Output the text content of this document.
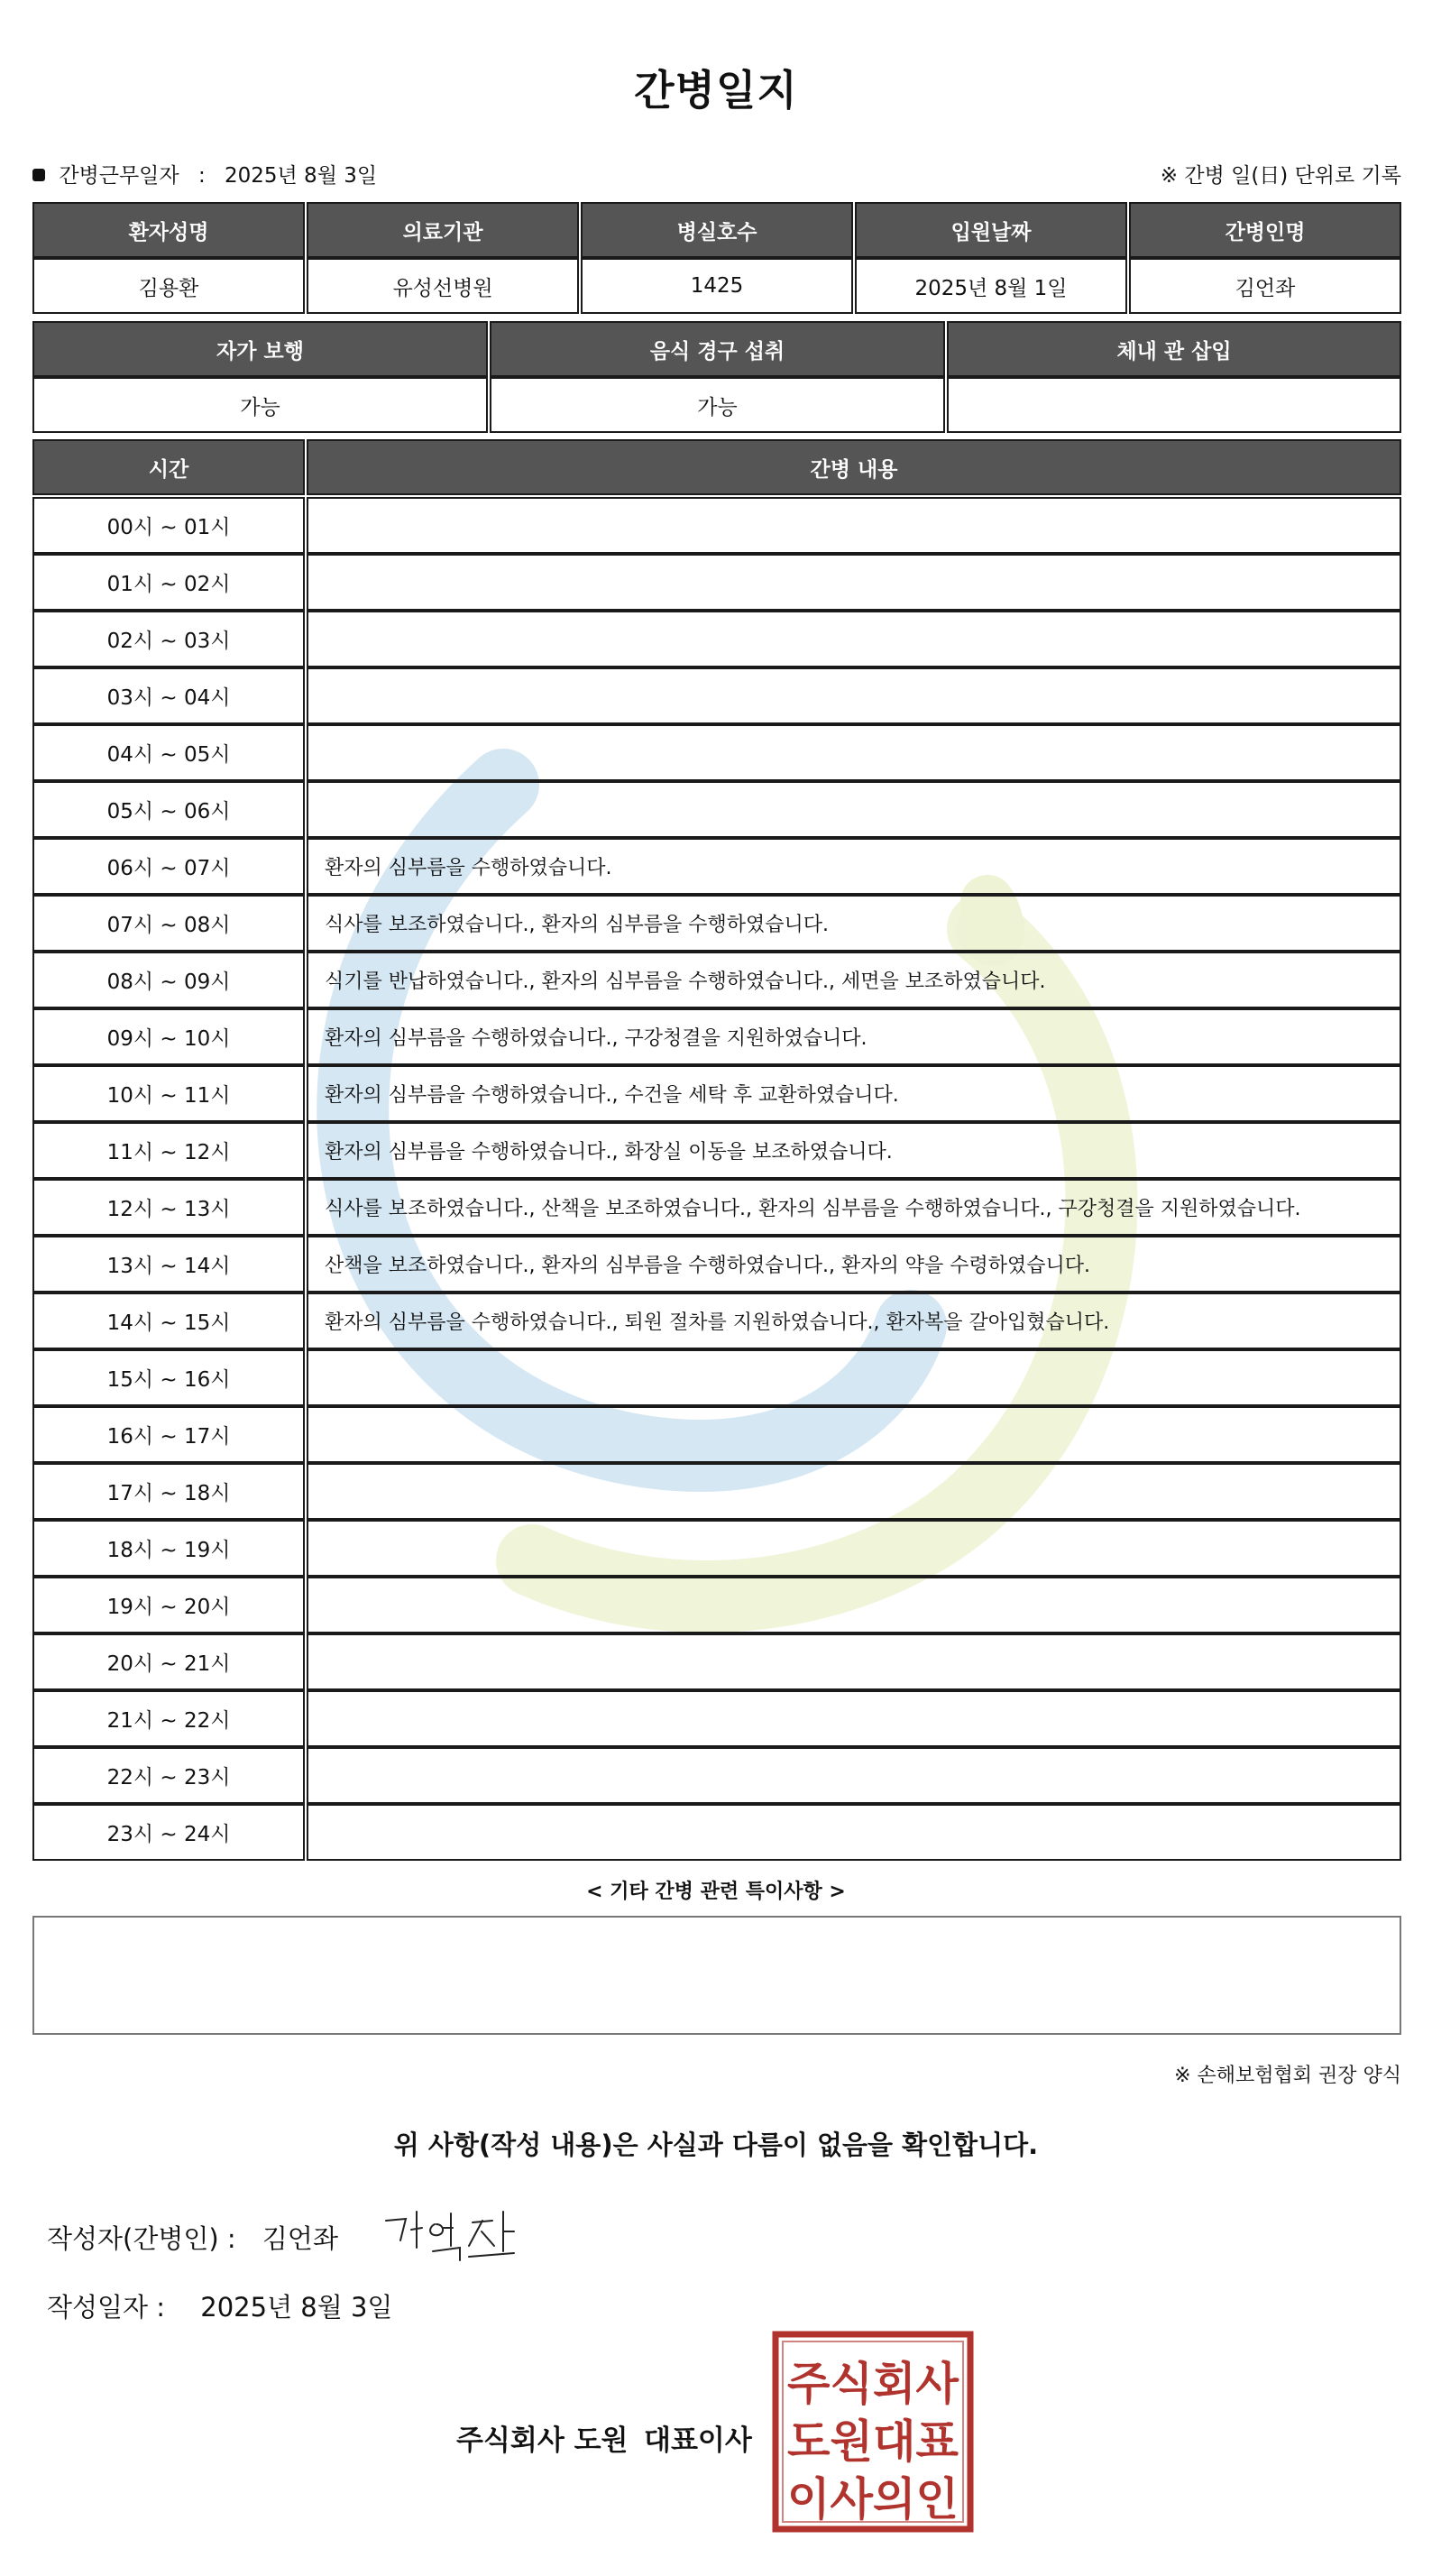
간병일지
간병근무일자 : 2025년 8월 3일	※ 간병 일(日) 단위로 기록
환자성명	의료기관	병실호수	입원날짜	간병인명
김용환	유성선병원	1425	2025년 8월 1일	김언좌
자가 보행	음식 경구 섭취	체내 관 삽입
가능	가능
시간	간병 내용
00시 ~ 01시
01시 ~ 02시
02시 ~ 03시
03시 ~ 04시
04시 ~ 05시
05시 ~ 06시
06시 ~ 07시	환자의 심부름을 수행하였습니다.
07시 ~ 08시	식사를 보조하였습니다., 환자의 심부름을 수행하였습니다.
08시 ~ 09시	식기를 반납하였습니다., 환자의 심부름을 수행하였습니다., 세면을 보조하였습니다.
09시 ~ 10시	환자의 심부름을 수행하였습니다., 구강청결을 지원하였습니다.
10시 ~ 11시	환자의 심부름을 수행하였습니다., 수건을 세탁 후 교환하였습니다.
11시 ~ 12시	환자의 심부름을 수행하였습니다., 화장실 이동을 보조하였습니다.
12시 ~ 13시	식사를 보조하였습니다., 산책을 보조하였습니다., 환자의 심부름을 수행하였습니다., 구강청결을 지원하였습니다.
13시 ~ 14시	산책을 보조하였습니다., 환자의 심부름을 수행하였습니다., 환자의 약을 수령하였습니다.
14시 ~ 15시	환자의 심부름을 수행하였습니다., 퇴원 절차를 지원하였습니다., 환자복을 갈아입혔습니다.
15시 ~ 16시
16시 ~ 17시
17시 ~ 18시
18시 ~ 19시
19시 ~ 20시
20시 ~ 21시
21시 ~ 22시
22시 ~ 23시
23시 ~ 24시
< 기타 간병 관련 특이사항 >
※ 손해보험협회 권장 양식
위 사항(작성 내용)은 사실과 다름이 없음을 확인합니다.
작성자(간병인) : 김언좌
작성일자 : 2025년 8월 3일
주식회사 도원 대표이사
주식회사
도원대표
이사의인
